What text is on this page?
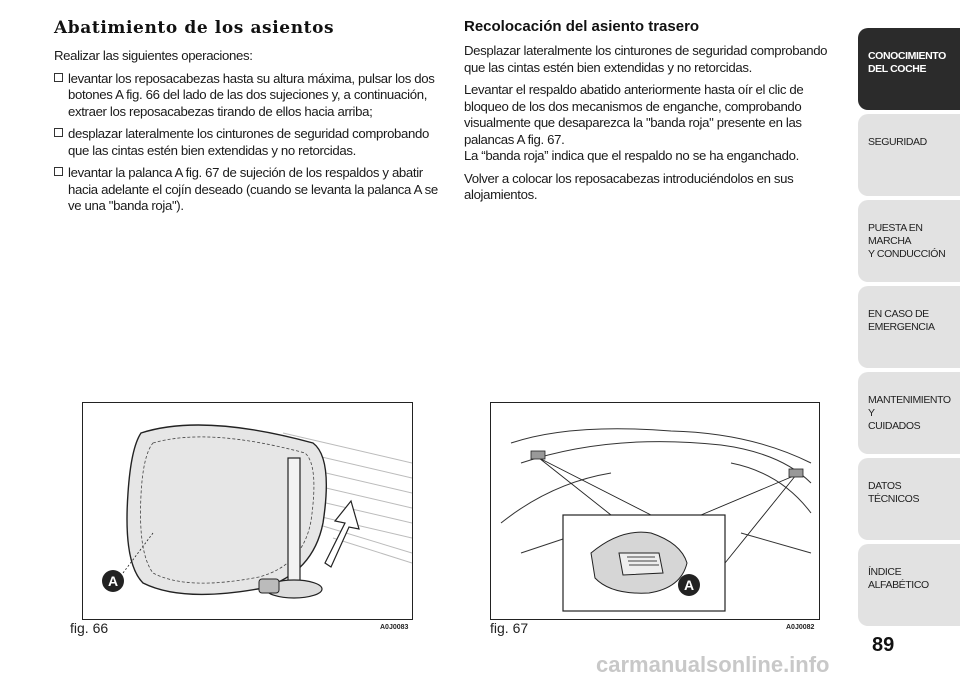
Abatimiento de los asientos

Realizar las siguientes operaciones:

levantar los reposacabezas hasta su altura máxima, pulsar los dos botones A fig. 66 del lado de las dos sujeciones y, a continuación, extraer los reposacabezas tirando de ellos hacia arriba;
desplazar lateralmente los cinturones de seguridad comprobando que las cintas estén bien extendidas y no retorcidas.
levantar la palanca A fig. 67 de sujeción de los respaldos y abatir hacia adelante el cojín deseado (cuando se levanta la palanca A se ve una "banda roja").
Recolocación del asiento trasero

Desplazar lateralmente los cinturones de seguridad comprobando que las cintas estén bien extendidas y no retorcidas.

Levantar el respaldo abatido anteriormente hasta oír el clic de bloqueo de los dos mecanismos de enganche, comprobando visualmente que desaparezca la "banda roja" presente en las palancas A fig. 67.

La “banda roja” indica que el respaldo no se ha enganchado.

Volver a colocar los reposacabezas introduciéndolos en sus alojamientos.

A
fig. 66	A0J0083
A
fig. 67	A0J0082
CONOCIMIENTO
DEL COCHE
SEGURIDAD
PUESTA EN MARCHA
Y CONDUCCIÓN
EN CASO DE
EMERGENCIA
MANTENIMIENTO Y
CUIDADOS
DATOS TÉCNICOS
ÍNDICE ALFABÉTICO
89
carmanualsonline.info
